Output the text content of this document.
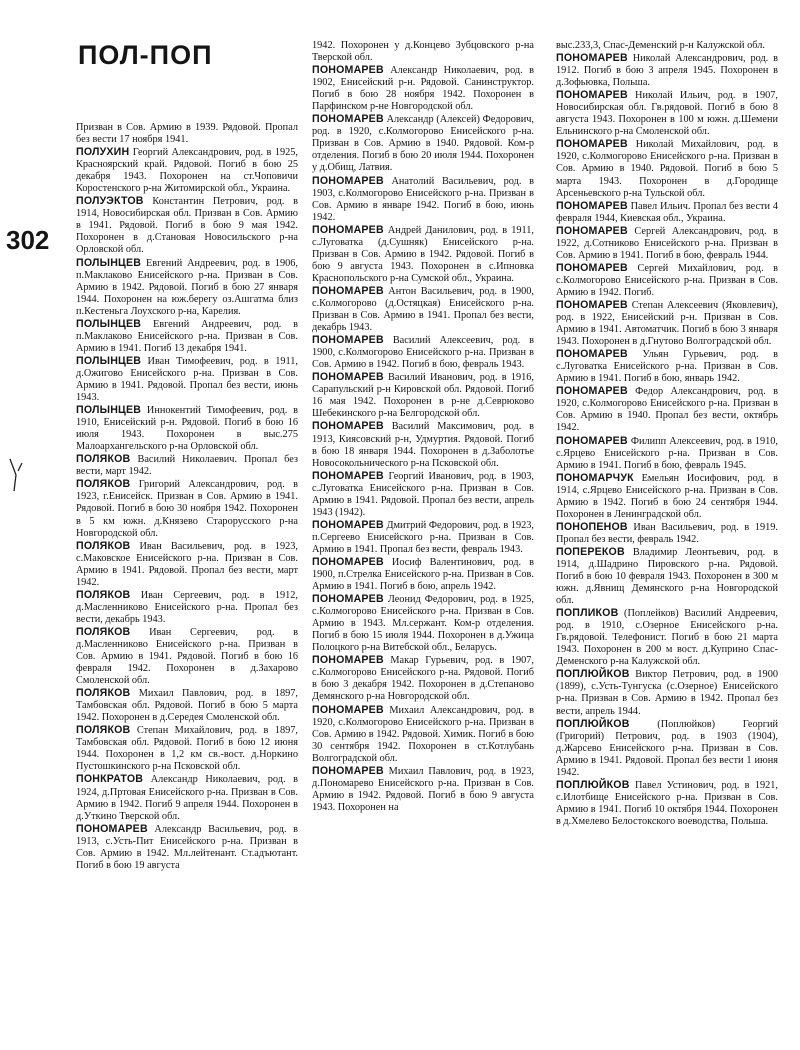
ПОЛ-ПОП
302

Призван в Сов. Армию в 1939. Рядовой. Пропал без вести 17 ноября 1941.

ПОЛУХИН Георгий Александрович, род. в 1925, Красноярский край. Рядовой. Погиб в бою 25 декабря 1943. Похоронен на ст.Чоповичи Коростенского р-на Житомирской обл., Украина.

ПОЛУЭКТОВ Константин Петрович, род. в 1914, Новосибирская обл. Призван в Сов. Армию в 1941. Рядовой. Погиб в бою 9 мая 1942. Похоронен в д.Становая Новосильского р-на Орловской обл.

ПОЛЫНЦЕВ Евгений Андреевич, род. в 1906, п.Маклаково Енисейского р-на. Призван в Сов. Армию в 1942. Рядовой. Погиб в бою 27 января 1944. Похоронен на юж.берегу оз.Ашгатма близ п.Кестеньга Лоухского р-на, Карелия.

ПОЛЫНЦЕВ Евгений Андреевич, род. в п.Маклаково Енисейского р-на. Призван в Сов. Армию в 1941. Погиб 13 декабря 1941.

ПОЛЫНЦЕВ Иван Тимофеевич, род. в 1911, д.Ожигово Енисейского р-на. Призван в Сов. Армию в 1941. Рядовой. Пропал без вести, июнь 1943.

ПОЛЫНЦЕВ Иннокентий Тимофеевич, род. в 1910, Енисейский р-н. Рядовой. Погиб в бою 16 июля 1943. Похоронен в выс.275 Малоархангельского р-на Орловской обл.

ПОЛЯКОВ Василий Николаевич. Пропал без вести, март 1942.

ПОЛЯКОВ Григорий Александрович, род. в 1923, г.Енисейск. Призван в Сов. Армию в 1941. Рядовой. Погиб в бою 30 ноября 1942. Похоронен в 5 км южн. д.Князево Старорусского р-на Новгородской обл.

ПОЛЯКОВ Иван Васильевич, род. в 1923, с.Маковское Енисейского р-на. Призван в Сов. Армию в 1941. Рядовой. Пропал без вести, март 1942.

ПОЛЯКОВ Иван Сергеевич, род. в 1912, д.Масленниково Енисейского р-на. Пропал без вести, декабрь 1943.

ПОЛЯКОВ Иван Сергеевич, род. в д.Масленниково Енисейского р-на. Призван в Сов. Армию в 1941. Рядовой. Погиб в бою 16 февраля 1942. Похоронен в д.Захарово Смоленской обл.

ПОЛЯКОВ Михаил Павлович, род. в 1897, Тамбовская обл. Рядовой. Погиб в бою 5 марта 1942. Похоронен в д.Середея Смоленской обл.

ПОЛЯКОВ Степан Михайлович, род. в 1897, Тамбовская обл. Рядовой. Погиб в бою 12 июня 1944. Похоронен в 1,2 км св.-вост. д.Норкино Пустошкинского р-на Псковской обл.

ПОНКРАТОВ Александр Николаевич, род. в 1924, д.Пртовая Енисейского р-на. Призван в Сов. Армию в 1942. Погиб 9 апреля 1944. Похоронен в д.Уткино Тверской обл.

ПОНОМАРЕВ Александр Васильевич, род. в 1913, с.Усть-Пит Енисейского р-на. Призван в Сов. Армию в 1942. Мл.лейтенант. Ст.адъютант. Погиб в бою 19 августа

1942. Похоронен у д.Концево Зубцовского р-на Тверской обл.

ПОНОМАРЕВ Александр Николаевич, род. в 1902, Енисейский р-н. Рядовой. Санинструктор. Погиб в бою 28 ноября 1942. Похоронен в Парфинском р-не Новгородской обл.

ПОНОМАРЕВ Александр (Алексей) Федорович, род. в 1920, с.Колмогорово Енисейского р-на. Призван в Сов. Армию в 1940. Рядовой. Ком-р отделения. Погиб в бою 20 июля 1944. Похоронен у д.Обищ, Латвия.

ПОНОМАРЕВ Анатолий Васильевич, род. в 1903, с.Колмогорово Енисейского р-на. Призван в Сов. Армию в январе 1942. Погиб в бою, июнь 1942.

ПОНОМАРЕВ Андрей Данилович, род. в 1911, с.Луговатка (д.Сушняк) Енисейского р-на. Призван в Сов. Армию в 1942. Рядовой. Погиб в бою 9 августа 1943. Похоронен в с.Ипновка Краснопольского р-на Сумской обл., Украина.

ПОНОМАРЕВ Антон Васильевич, род. в 1900, с.Колмогорово (д.Остяцкая) Енисейского р-на. Призван в Сов. Армию в 1941. Пропал без вести, декабрь 1943.

ПОНОМАРЕВ Василий Алексеевич, род. в 1900, с.Колмогорово Енисейского р-на. Призван в Сов. Армию в 1942. Погиб в бою, февраль 1943.

ПОНОМАРЕВ Василий Иванович, род. в 1916, Сарапульский р-н Кировской обл. Рядовой. Погиб 16 мая 1942. Похоронен в р-не д.Севрюково Шебекинского р-на Белгородской обл.

ПОНОМАРЕВ Василий Максимович, род. в 1913, Киясовский р-н, Удмуртия. Рядовой. Погиб в бою 18 января 1944. Похоронен в д.Заболотье Новосокольнического р-на Псковской обл.

ПОНОМАРЕВ Георгий Иванович, род. в 1903, с.Луговатка Енисейского р-на. Призван в Сов. Армию в 1941. Рядовой. Пропал без вести, апрель 1943 (1942).

ПОНОМАРЕВ Дмитрий Федорович, род. в 1923, п.Сергеево Енисейского р-на. Призван в Сов. Армию в 1941. Пропал без вести, февраль 1943.

ПОНОМАРЕВ Иосиф Валентинович, род. в 1900, п.Стрелка Енисейского р-на. Призван в Сов. Армию в 1941. Погиб в бою, апрель 1942.

ПОНОМАРЕВ Леонид Федорович, род. в 1925, с.Колмогорово Енисейского р-на. Призван в Сов. Армию в 1943. Мл.сержант. Ком-р отделения. Погиб в бою 15 июля 1944. Похоронен в д.Ужица Полоцкого р-на Витебской обл., Беларусь.

ПОНОМАРЕВ Макар Гурьевич, род. в 1907, с.Колмогорово Енисейского р-на. Рядовой. Погиб в бою 3 декабря 1942. Похоронен в д.Степаново Демянского р-на Новгородской обл.

ПОНОМАРЕВ Михаил Александрович, род. в 1920, с.Колмогорово Енисейского р-на. Призван в Сов. Армию в 1942. Рядовой. Химик. Погиб в бою 30 сентября 1942. Похоронен в ст.Котлубань Волгоградской обл.

ПОНОМАРЕВ Михаил Павлович, род. в 1923, д.Пономарево Енисейского р-на. Призван в Сов. Армию в 1942. Рядовой. Погиб в бою 9 августа 1943. Похоронен на

выс.233,3, Спас-Деменский р-н Калужской обл.

ПОНОМАРЕВ Николай Александрович, род. в 1912. Погиб в бою 3 апреля 1945. Похоронен в д.Зофьювка, Польша.

ПОНОМАРЕВ Николай Ильич, род. в 1907, Новосибирская обл. Гв.рядовой. Погиб в бою 8 августа 1943. Похоронен в 100 м южн. д.Шемени Ельнинского р-на Смоленской обл.

ПОНОМАРЕВ Николай Михайлович, род. в 1920, с.Колмогорово Енисейского р-на. Призван в Сов. Армию в 1940. Рядовой. Погиб в бою 5 марта 1943. Похоронен в д.Городище Арсеньевского р-на Тульской обл.

ПОНОМАРЕВ Павел Ильич. Пропал без вести 4 февраля 1944, Киевская обл., Украина.

ПОНОМАРЕВ Сергей Александрович, род. в 1922, д.Сотниково Енисейского р-на. Призван в Сов. Армию в 1941. Погиб в бою, февраль 1944.

ПОНОМАРЕВ Сергей Михайлович, род. в с.Колмогорово Енисейского р-на. Призван в Сов. Армию в 1942. Погиб.

ПОНОМАРЕВ Степан Алексеевич (Яковлевич), род. в 1922, Енисейский р-н. Призван в Сов. Армию в 1941. Автоматчик. Погиб в бою 3 января 1943. Похоронен в д.Гнутово Волгоградской обл.

ПОНОМАРЕВ Ульян Гурьевич, род. в с.Луговатка Енисейского р-на. Призван в Сов. Армию в 1941. Погиб в бою, январь 1942.

ПОНОМАРЕВ Федор Александрович, род. в 1920, с.Колмогорово Енисейского р-на. Призван в Сов. Армию в 1940. Пропал без вести, октябрь 1942.

ПОНОМАРЕВ Филипп Алексеевич, род. в 1910, с.Ярцево Енисейского р-на. Призван в Сов. Армию в 1941. Погиб в бою, февраль 1945.

ПОНОМАРЧУК Емельян Иосифович, род. в 1914, с.Ярцево Енисейского р-на. Призван в Сов. Армию в 1942. Погиб в бою 24 сентября 1944. Похоронен в Ленинградской обл.

ПОНОПЕНОВ Иван Васильевич, род. в 1919. Пропал без вести, февраль 1942.

ПОПЕРЕКОВ Владимир Леонтьевич, род. в 1914, д.Шадрино Пировского р-на. Рядовой. Погиб в бою 10 февраля 1943. Похоронен в 300 м южн. д.Явнищ Демянского р-на Новгородской обл.

ПОПЛИКОВ (Поплейков) Василий Андреевич, род. в 1910, с.Озерное Енисейского р-на. Гв.рядовой. Телефонист. Погиб в бою 21 марта 1943. Похоронен в 200 м вост. д.Куприно Спас-Деменского р-на Калужской обл.

ПОПЛЮЙКОВ Виктор Петрович, род. в 1900 (1899), с.Усть-Тунгуска (с.Озерное) Енисейского р-на. Призван в Сов. Армию в 1942. Пропал без вести, апрель 1944.

ПОПЛЮЙКОВ	(Поплюйков) Георгий (Григорий) Петрович, род. в 1903 (1904), д.Жарсево Енисейского р-на. Призван в Сов. Армию в 1941. Рядовой. Пропал без вести 1 июня 1942.

ПОПЛЮЙКОВ Павел Устинович, род. в 1921, с.Илотбище Енисейского р-на. Призван в Сов. Армию в 1941. Погиб 10 октября 1944. Похоронен в д.Хмелево Белостокского воеводства, Польша.
